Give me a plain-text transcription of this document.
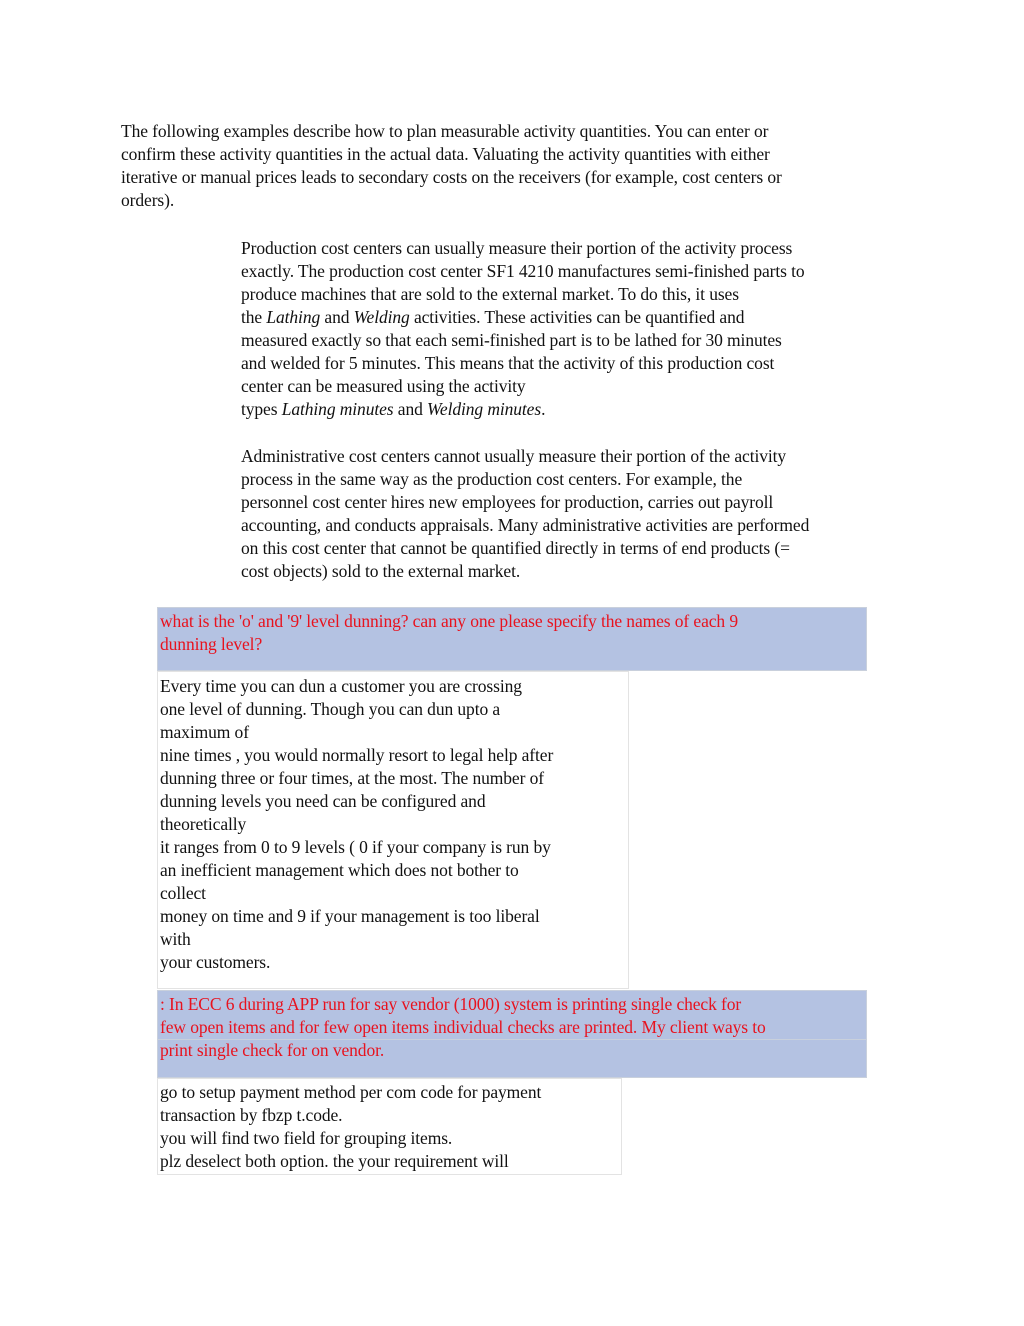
The following examples describe how to plan measurable activity quantities. You can enter or
confirm these activity quantities in the actual data. Valuating the activity quantities with either
iterative or manual prices leads to secondary costs on the receivers (for example, cost centers or
orders).
Production cost centers can usually measure their portion of the activity process
exactly. The production cost center SF1 4210 manufactures semi-finished parts to
produce machines that are sold to the external market. To do this, it uses
the Lathing and Welding activities. These activities can be quantified and
measured exactly so that each semi-finished part is to be lathed for 30 minutes
and welded for 5 minutes. This means that the activity of this production cost
center can be measured using the activity
types Lathing minutes and Welding minutes.
Administrative cost centers cannot usually measure their portion of the activity
process in the same way as the production cost centers. For example, the
personnel cost center hires new employees for production, carries out payroll
accounting, and conducts appraisals. Many administrative activities are performed
on this cost center that cannot be quantified directly in terms of end products (=
cost objects) sold to the external market.
what is the 'o' and '9' level dunning? can any one please specify the names of each 9
dunning level?
Every time you can dun a customer you are crossing
one level of dunning. Though you can dun upto a
maximum of
nine times , you would normally resort to legal help after
dunning three or four times, at the most. The number of
dunning levels you need can be configured and
theoretically
it ranges from 0 to 9 levels ( 0 if your company is run by
an inefficient management which does not bother to
collect
money on time and 9 if your management is too liberal
with
your customers.
: In ECC 6 during APP run for say vendor (1000) system is printing single check for
few open items and for few open items individual checks are printed. My client ways to
print single check for on vendor.
go to setup payment method per com code for payment
transaction by fbzp t.code.
you will find two field for grouping items.
plz deselect both option. the your requirement will
